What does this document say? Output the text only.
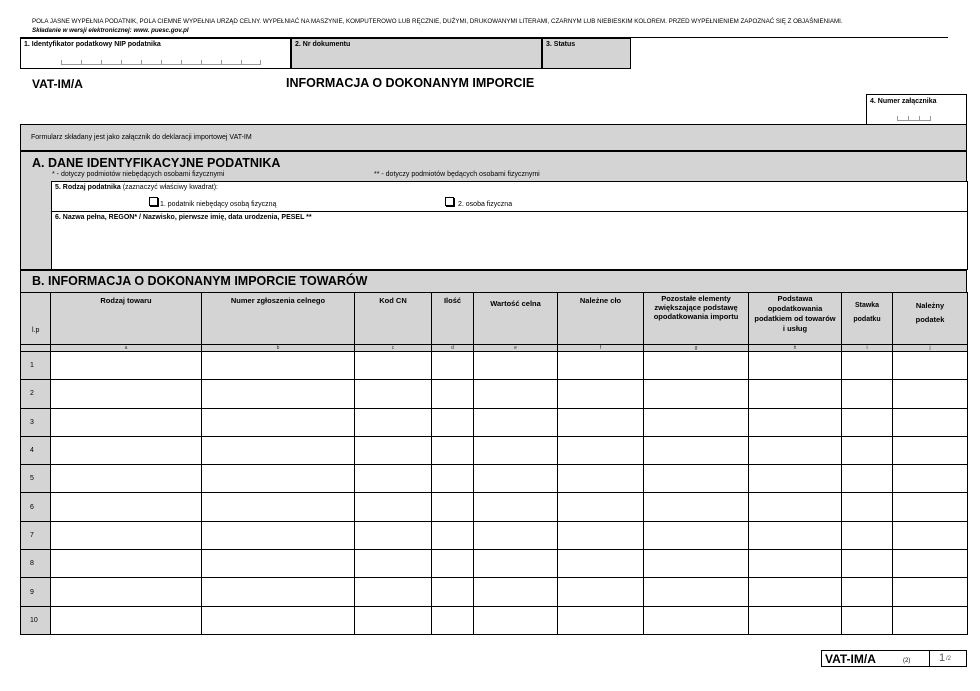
POLA JASNE WYPEŁNIA PODATNIK, POLA CIEMNE WYPEŁNIA URZĄD CELNY. WYPEŁNIAĆ NA MASZYNIE, KOMPUTEROWO LUB RĘCZNIE, DUŻYMI, DRUKOWANYMI LITERAMI, CZARNYM LUB NIEBIESKIM KOLOREM. PRZED WYPEŁNIENIEM ZAPOZNAĆ SIĘ Z OBJAŚNIENIAMI.
Składanie w wersji elektronicznej: www. puesc.gov.pl
1. Identyfikator podatkowy NIP podatnika	2. Nr dokumentu	3. Status
VAT-IM/A	INFORMACJA O DOKONANYM IMPORCIE
4. Numer załącznika
Formularz składany jest jako załącznik do deklaracji importowej VAT-IM
A. DANE IDENTYFIKACYJNE PODATNIKA
* - dotyczy podmiotów niebędących osobami fizycznymi	** - dotyczy podmiotów będących osobami fizycznymi
5. Rodzaj podatnika (zaznaczyć właściwy kwadrat):
1. podatnik niebędący osobą fizyczną	2. osoba fizyczna
6. Nazwa pełna, REGON* / Nazwisko, pierwsze imię, data urodzenia, PESEL **
B. INFORMACJA O DOKONANYM IMPORCIE TOWARÓW
l.p	Rodzaj towaru	Numer zgłoszenia celnego	Kod CN	Ilość	Wartość celna	Należne cło	Pozostałe elementy zwiększające podstawę opodatkowania importu	Podstawa opodatkowania podatkiem od towarów i usług	Stawka podatku	Należny podatek
	a	b	c	d	e	f	g	h	i	j
1										
2										
3										
4										
5										
6										
7										
8										
9										
10										
VAT-IM/A	(2)	1 /2
